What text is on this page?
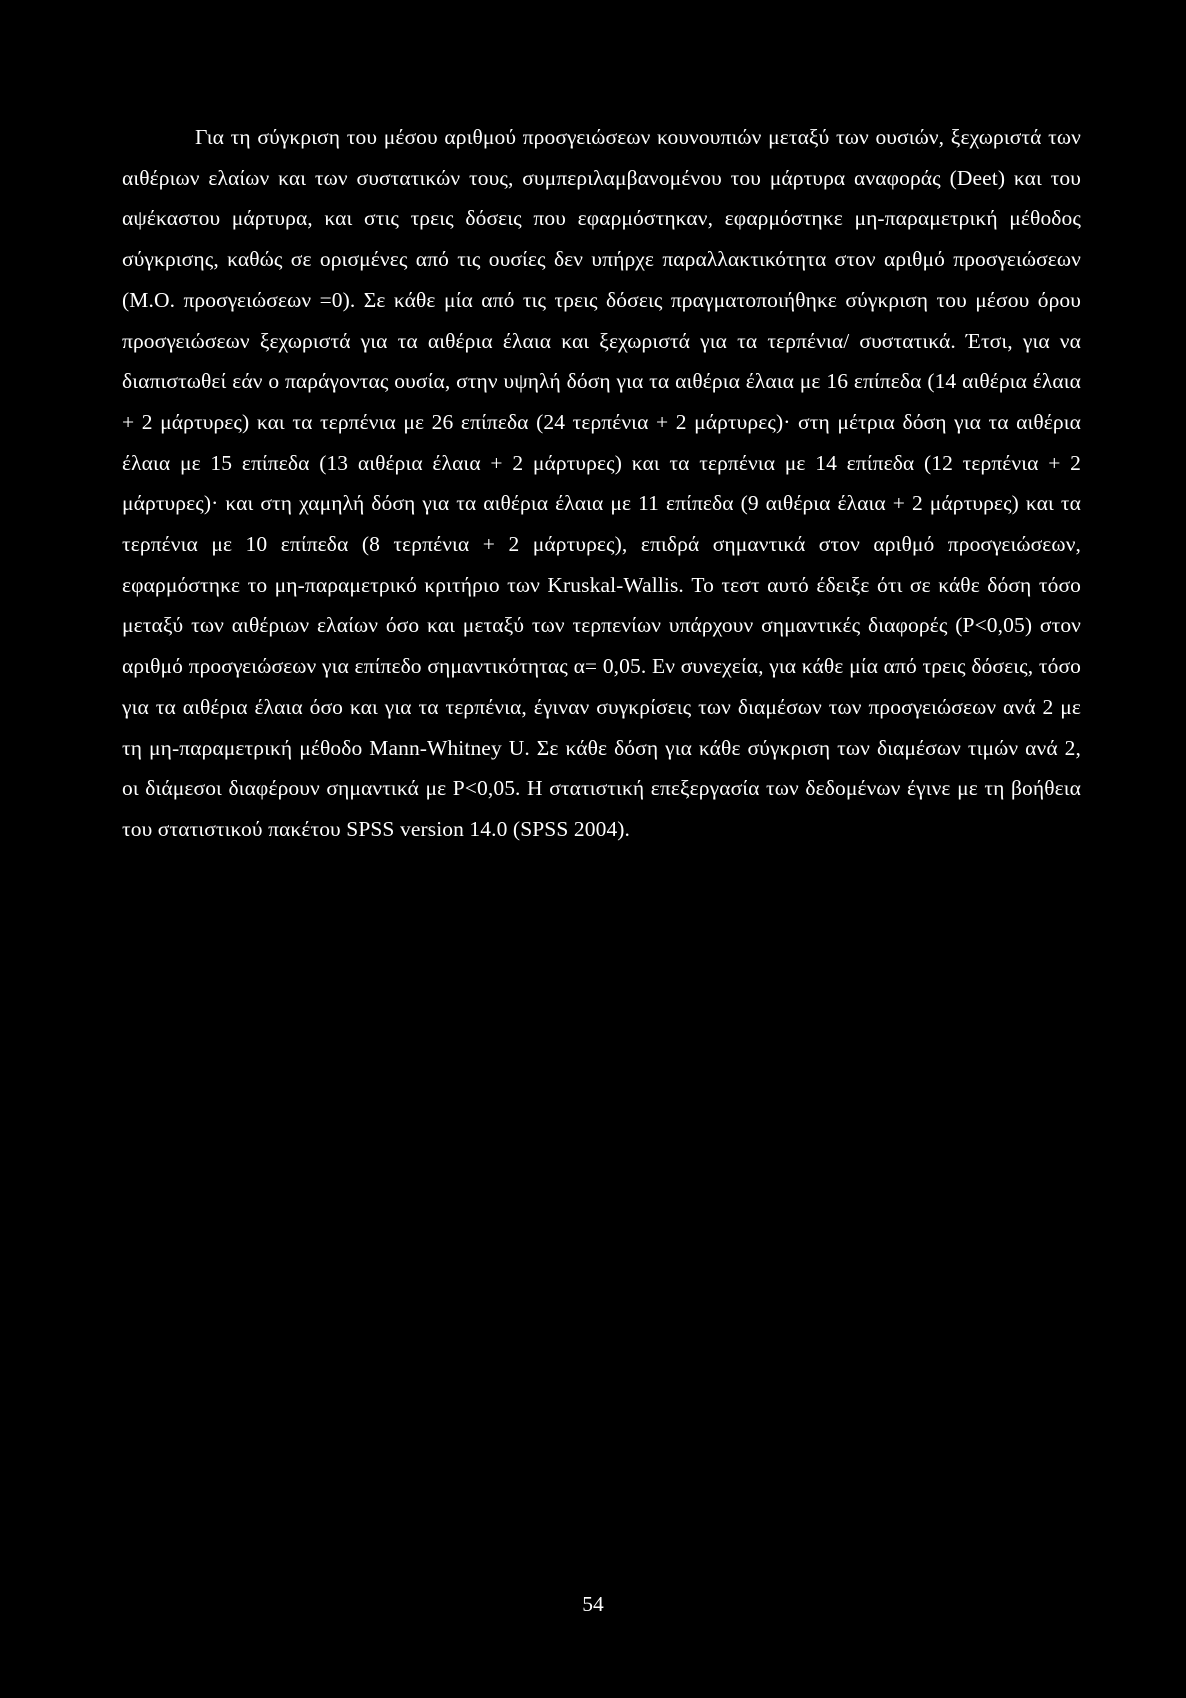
Για τη σύγκριση του μέσου αριθμού προσγειώσεων κουνουπιών μεταξύ των ουσιών, ξεχωριστά των αιθέριων ελαίων και των συστατικών τους, συμπεριλαμβανομένου του μάρτυρα αναφοράς (Deet) και του αψέκαστου μάρτυρα, και στις τρεις δόσεις που εφαρμόστηκαν, εφαρμόστηκε μη-παραμετρική μέθοδος σύγκρισης, καθώς σε ορισμένες από τις ουσίες δεν υπήρχε παραλλακτικότητα στον αριθμό προσγειώσεων (Μ.Ο. προσγειώσεων =0). Σε κάθε μία από τις τρεις δόσεις πραγματοποιήθηκε σύγκριση του μέσου όρου προσγειώσεων ξεχωριστά για τα αιθέρια έλαια και ξεχωριστά για τα τερπένια/ συστατικά. Έτσι, για να διαπιστωθεί εάν ο παράγοντας ουσία, στην υψηλή δόση για τα αιθέρια έλαια με 16 επίπεδα (14 αιθέρια έλαια + 2 μάρτυρες) και τα τερπένια με 26 επίπεδα (24 τερπένια + 2 μάρτυρες)· στη μέτρια δόση για τα αιθέρια έλαια με 15 επίπεδα (13 αιθέρια έλαια + 2 μάρτυρες) και τα τερπένια με 14 επίπεδα (12 τερπένια + 2 μάρτυρες)· και στη χαμηλή δόση για τα αιθέρια έλαια με 11 επίπεδα (9 αιθέρια έλαια + 2 μάρτυρες) και τα τερπένια με 10 επίπεδα (8 τερπένια + 2 μάρτυρες), επιδρά σημαντικά στον αριθμό προσγειώσεων, εφαρμόστηκε το μη-παραμετρικό κριτήριο των Kruskal-Wallis. Το τεστ αυτό έδειξε ότι σε κάθε δόση τόσο μεταξύ των αιθέριων ελαίων όσο και μεταξύ των τερπενίων υπάρχουν σημαντικές διαφορές (P<0,05) στον αριθμό προσγειώσεων για επίπεδο σημαντικότητας α= 0,05. Εν συνεχεία, για κάθε μία από τρεις δόσεις, τόσο για τα αιθέρια έλαια όσο και για τα τερπένια, έγιναν συγκρίσεις των διαμέσων των προσγειώσεων ανά 2 με τη μη-παραμετρική μέθοδο Mann-Whitney U. Σε κάθε δόση για κάθε σύγκριση των διαμέσων τιμών ανά 2, οι διάμεσοι διαφέρουν σημαντικά με P<0,05. Η στατιστική επεξεργασία των δεδομένων έγινε με τη βοήθεια του στατιστικού πακέτου SPSS version 14.0 (SPSS 2004).

54
